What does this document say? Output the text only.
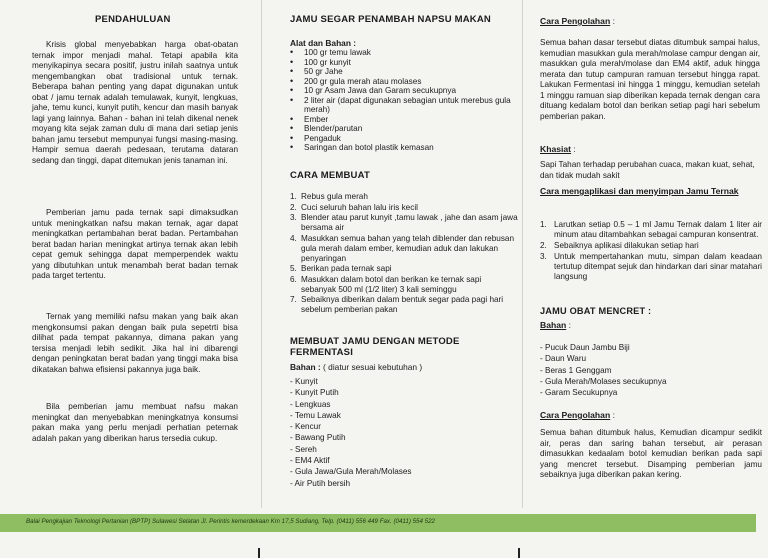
PENDAHULUAN

Krisis global menyebabkan harga obat-obatan ternak impor menjadi mahal. Tetapi apabila kita menyikapinya secara positif, justru inilah saatnya untuk mengembangkan obat tradisional untuk ternak. Beberapa bahan penting yang dapat digunakan untuk obat / jamu ternak adalah temulawak, kunyit, lengkuas, jahe, temu kunci, kunyit putih, kencur dan masih banyak lagi yang lainnya. Bahan - bahan ini telah dikenal nenek moyang kita sejak zaman dulu di mana dari setiap jenis bahan jamu tersebut mempunyai fungsi masing-masing. Hampir semua daerah pedesaan, terutama dataran sedang dan tinggi, dapat ditemukan jenis tanaman ini.

Pemberian jamu pada ternak sapi dimaksudkan untuk meningkatkan nafsu makan ternak, agar dapat meningkatkan pertambahan berat badan. Pertambahan berat badan harian meningkat artinya ternak akan lebih cepat gemuk sehingga dapat memperpendek waktu yang dibutuhkan untuk menambah berat badan ternak pada target tertentu.

Ternak yang memiliki nafsu makan yang baik akan mengkonsumsi pakan dengan baik pula sepetrti bisa dilihat pada tempat pakannya, dimana pakan yang tersisa menjadi lebih sedikit. Jika hal ini dibarengi dengan peningkatan berat badan yang tinggi maka bisa dikatakan bahwa efisiensi pakannya juga baik.

Bila pemberian jamu membuat nafsu makan meningkat dan menyebabkan meningkatnya konsumsi pakan maka yang perlu menjadi perhatian peternak adalah pakan yang diberikan harus tersedia cukup.

JAMU SEGAR PENAMBAH NAPSU MAKAN
Alat dan Bahan :
• 100 gr temu lawak
• 100 gr kunyit
• 50 gr Jahe
• 200 gr gula merah atau molases
• 10 gr Asam Jawa dan Garam secukupnya
• 2 liter air (dapat digunakan sebagian untuk merebus gula merah)
• Ember
• Blender/parutan
• Pengaduk
• Saringan dan botol plastik kemasan
CARA MEMBUAT
1. Rebus gula merah
2. Cuci seluruh bahan lalu iris kecil
3. Blender atau parut kunyit ,tamu lawak , jahe dan asam jawa bersama air
4. Masukkan semua bahan yang telah diblender dan rebusan gula merah dalam ember, kemudian aduk dan lakukan penyaringan
5. Berikan pada ternak sapi
6. Masukkan dalam botol dan berikan ke ternak sapi sebanyak 500 ml (1/2 liter) 3 kali seminggu
7. Sebaiknya diberikan dalam bentuk segar pada pagi hari sebelum pemberian pakan
MEMBUAT JAMU DENGAN METODE FERMENTASI
Bahan : ( diatur sesuai kebutuhan )
- Kunyit
- Kunyit Putih
- Lengkuas
- Temu Lawak
- Kencur
- Bawang Putih
- Sereh
- EM4 Aktif
- Gula Jawa/Gula Merah/Molases
- Air Putih bersih
Cara Pengolahan :

Semua bahan dasar tersebut diatas ditumbuk sampai halus, kemudian masukkan gula merah/molase campur dengan air, masukkan gula merah/molase dan EM4 aktif, aduk hingga merata dan tutup campuran ramuan tersebut hingga rapat. Lakukan Fermentasi ini hingga 1 minggu, kemudian setelah 1 minggu ramuan siap diberikan kepada ternak dengan cara dituang kedalam botol dan berikan setiap pagi hari sebelum pemberian pakan.

Khasiat :

Sapi Tahan terhadap perubahan cuaca, makan kuat, sehat, dan tidak mudah sakit

Cara mengaplikasi dan menyimpan Jamu Ternak
1. Larutkan setiap 0.5 – 1 ml Jamu Ternak dalam 1 liter air minum atau ditambahkan sebagai campuran konsentrat.
2. Sebaiknya aplikasi dilakukan setiap hari
3. Untuk mempertahankan mutu, simpan dalam keadaan tertutup ditempat sejuk dan hindarkan dari sinar matahari langsung
JAMU OBAT MENCRET :
Bahan :
- Pucuk Daun Jambu Biji
- Daun Waru
- Beras 1 Genggam
- Gula Merah/Molases secukupnya
- Garam Secukupnya
Cara Pengolahan :

Semua bahan ditumbuk halus, Kemudian dicampur sedikit air, peras dan saring bahan tersebut, air perasan dimasukkan kedaalam botol kemudian berikan pada sapi yang mencret tersebut. Disamping pemberian jamu sebaiknya juga diberikan pakan kering.

Balai Pengkajian Teknologi Pertanian (BPTP) Sulawesi Selatan Jl. Perintis kemerdekaan Km 17,5 Sudiang, Telp. (0411) 556 449 Fax. (0411) 554 522
